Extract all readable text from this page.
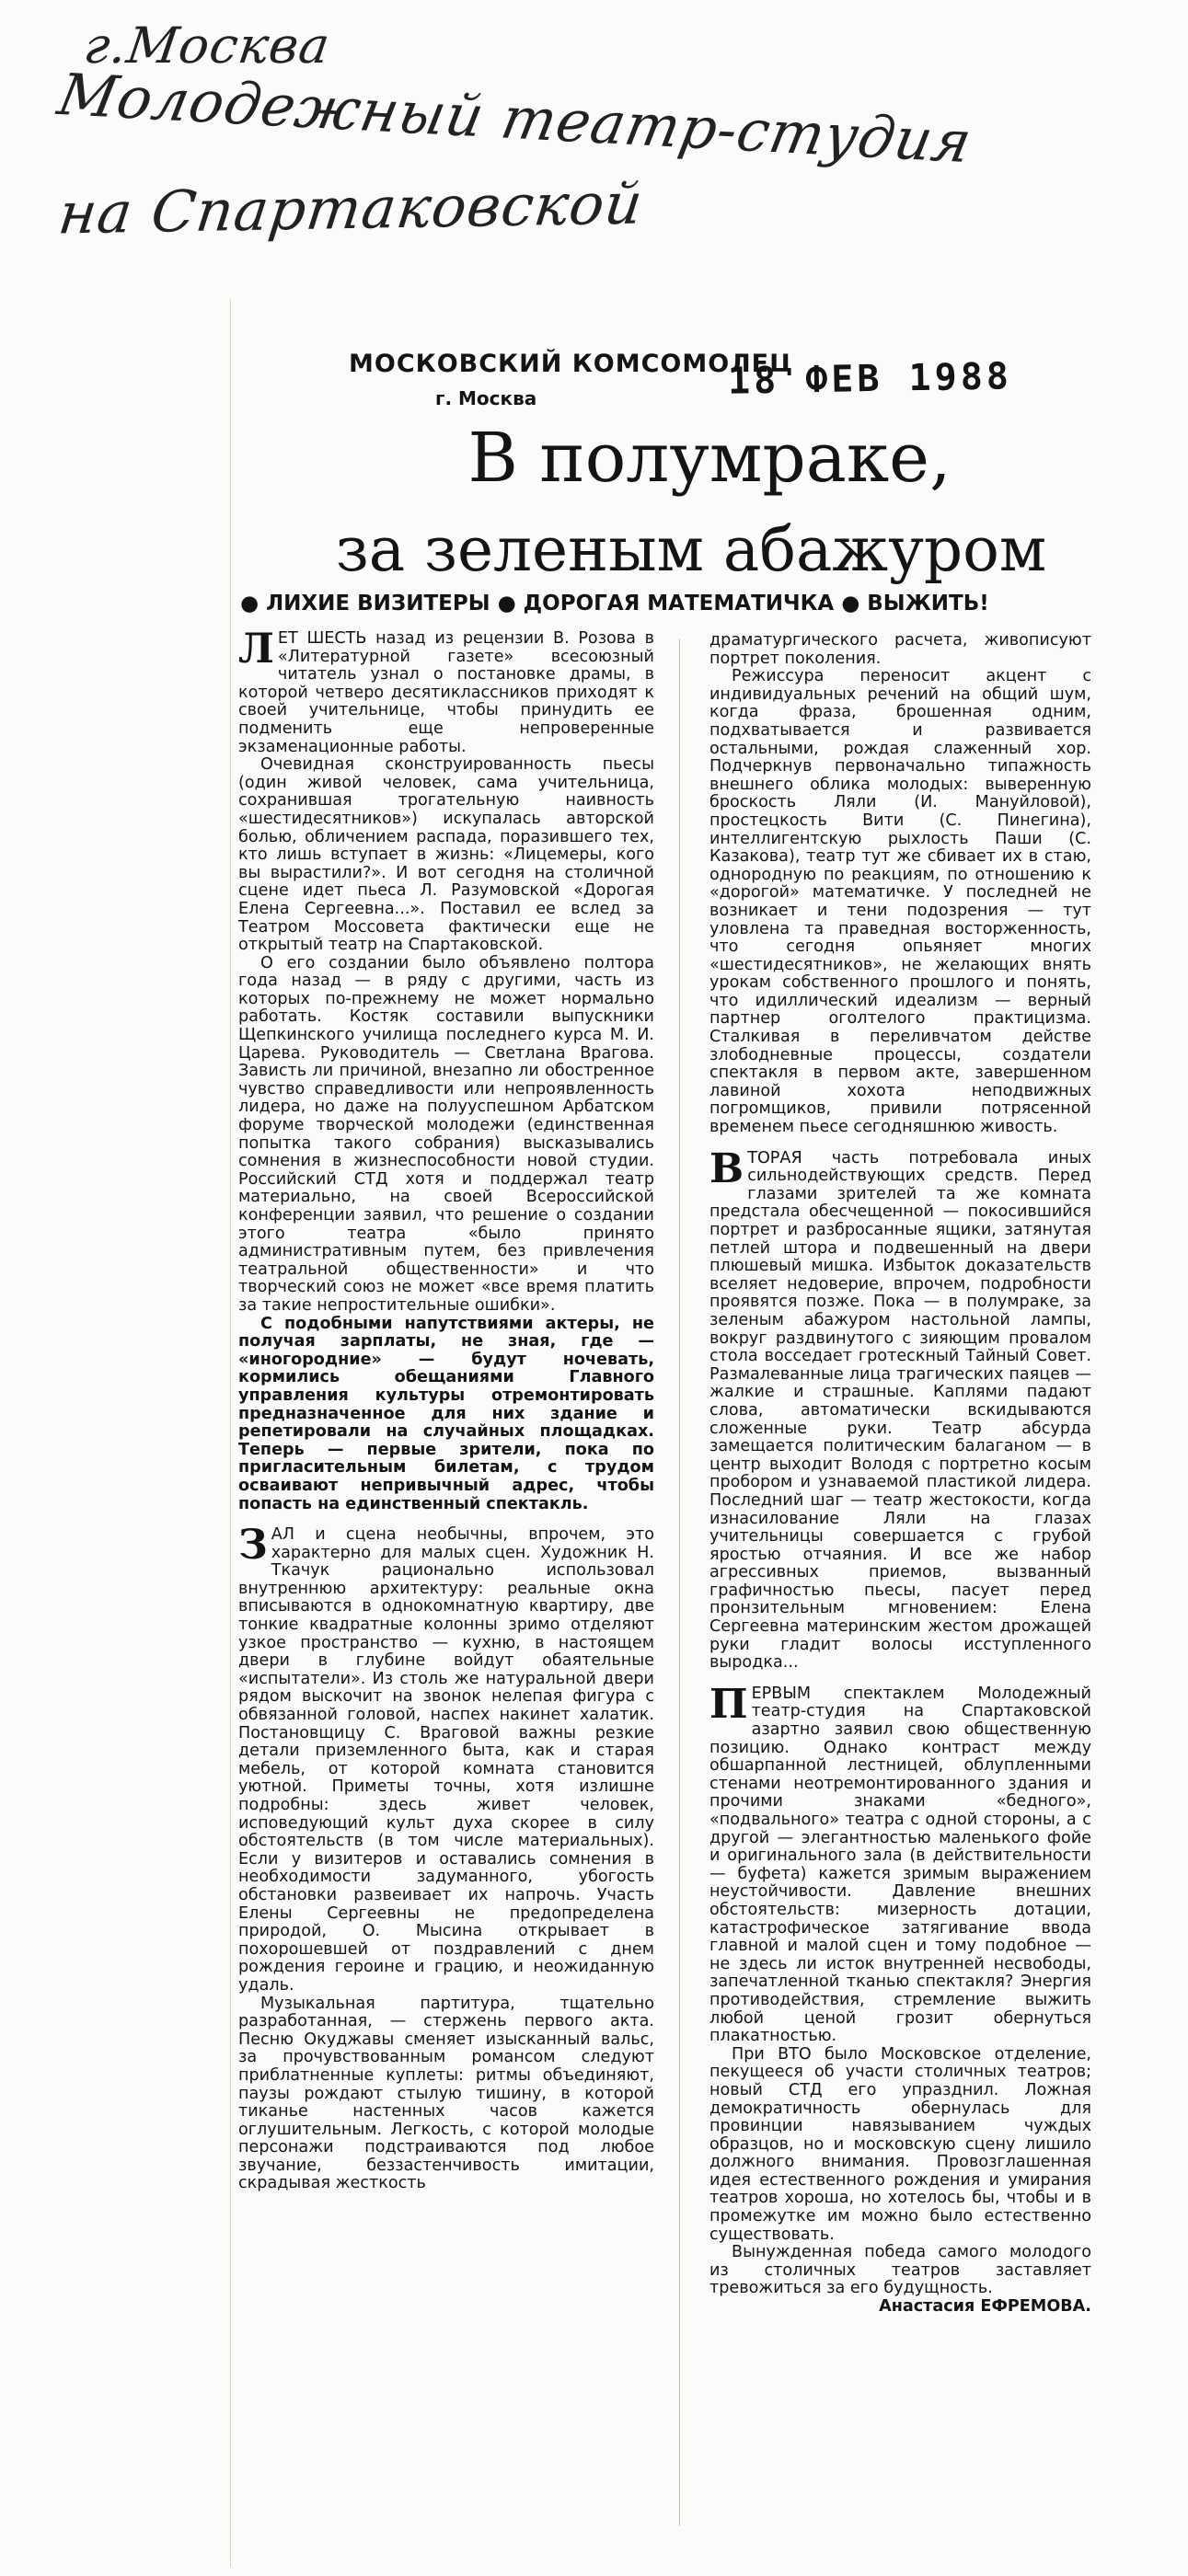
г.Москва
Молодежный театр-студия
на Спартаковской
МОСКОВСКИЙ КОМСОМОЛЕЦ
г. Москва	18 ФЕВ 1988
В полумраке,
за зеленым абажуром
● ЛИХИЕ ВИЗИТЕРЫ ● ДОРОГАЯ МАТЕМАТИЧКА ● ВЫЖИТЬ!

ЛЕТ ШЕСТЬ назад из рецензии В. Розова в «Литературной газете» всесоюзный читатель узнал о постановке драмы, в которой четверо десятиклассников приходят к своей учительнице, чтобы принудить ее подменить еще непроверенные экзаменационные работы.

Очевидная сконструированность пьесы (один живой человек, сама учительница, сохранившая трогательную наивность «шестидесятников») искупалась авторской болью, обличением распада, поразившего тех, кто лишь вступает в жизнь: «Лицемеры, кого вы вырастили?». И вот сегодня на столичной сцене идет пьеса Л. Разумовской «Дорогая Елена Сергеевна...». Поставил ее вслед за Театром Моссовета фактически еще не открытый театр на Спартаковской.

О его создании было объявлено полтора года назад — в ряду с другими, часть из которых по-прежнему не может нормально работать. Костяк составили выпускники Щепкинского училища последнего курса М. И. Царева. Руководитель — Светлана Врагова. Зависть ли причиной, внезапно ли обостренное чувство справедливости или непроявленность лидера, но даже на полууспешном Арбатском форуме творческой молодежи (единственная попытка такого собрания) высказывались сомнения в жизнеспособности новой студии. Российский СТД хотя и поддержал театр материально, на своей Всероссийской конференции заявил, что решение о создании этого театра «было принято административным путем, без привлечения театральной общественности» и что творческий союз не может «все время платить за такие непростительные ошибки».

С подобными напутствиями актеры, не получая зарплаты, не зная, где — «иногородние» — будут ночевать, кормились обещаниями Главного управления культуры отремонтировать предназначенное для них здание и репетировали на случайных площадках. Теперь — первые зрители, пока по пригласительным билетам, с трудом осваивают непривычный адрес, чтобы попасть на единственный спектакль.

ЗАЛ и сцена необычны, впрочем, это характерно для малых сцен. Художник Н. Ткачук рационально использовал внутреннюю архитектуру: реальные окна вписываются в однокомнатную квартиру, две тонкие квадратные колонны зримо отделяют узкое пространство — кухню, в настоящем двери в глубине войдут обаятельные «испытатели». Из столь же натуральной двери рядом выскочит на звонок нелепая фигура с обвязанной головой, наспех накинет халатик. Постановщицу С. Враговой важны резкие детали приземленного быта, как и старая мебель, от которой комната становится уютной. Приметы точны, хотя излишне подробны: здесь живет человек, исповедующий культ духа скорее в силу обстоятельств (в том числе материальных). Если у визитеров и оставались сомнения в необходимости задуманного, убогость обстановки развеивает их напрочь. Участь Елены Сергеевны не предопределена природой, О. Мысина открывает в похорошевшей от поздравлений с днем рождения героине и грацию, и неожиданную удаль.

Музыкальная партитура, тщательно разработанная, — стержень первого акта. Песню Окуджавы сменяет изысканный вальс, за прочувствованным романсом следуют приблатненные куплеты: ритмы объединяют, паузы рождают стылую тишину, в которой тиканье настенных часов кажется оглушительным. Легкость, с которой молодые персонажи подстраиваются под любое звучание, беззастенчивость имитации, скрадывая жесткость

драматургического расчета, живописуют портрет поколения.

Режиссура переносит акцент с индивидуальных речений на общий шум, когда фраза, брошенная одним, подхватывается и развивается остальными, рождая слаженный хор. Подчеркнув первоначально типажность внешнего облика молодых: выверенную броскость Ляли (И. Мануйловой), простецкость Вити (С. Пинегина), интеллигентскую рыхлость Паши (С. Казакова), театр тут же сбивает их в стаю, однородную по реакциям, по отношению к «дорогой» математичке. У последней не возникает и тени подозрения — тут уловлена та праведная восторженность, что сегодня опьяняет многих «шестидесятников», не желающих внять урокам собственного прошлого и понять, что идиллический идеализм — верный партнер оголтелого практицизма. Сталкивая в переливчатом действе злободневные процессы, создатели спектакля в первом акте, завершенном лавиной хохота неподвижных погромщиков, привили потрясенной временем пьесе сегодняшнюю живость.

ВТОРАЯ часть потребовала иных сильнодействующих средств. Перед глазами зрителей та же комната предстала обесчещенной — покосившийся портрет и разбросанные ящики, затянутая петлей штора и подвешенный на двери плюшевый мишка. Избыток доказательств вселяет недоверие, впрочем, подробности проявятся позже. Пока — в полумраке, за зеленым абажуром настольной лампы, вокруг раздвинутого с зияющим провалом стола восседает гротескный Тайный Совет. Размалеванные лица трагических паяцев — жалкие и страшные. Каплями падают слова, автоматически вскидываются сложенные руки. Театр абсурда замещается политическим балаганом — в центр выходит Володя с портретно косым пробором и узнаваемой пластикой лидера. Последний шаг — театр жестокости, когда изнасилование Ляли на глазах учительницы совершается с грубой яростью отчаяния. И все же набор агрессивных приемов, вызванный графичностью пьесы, пасует перед пронзительным мгновением: Елена Сергеевна материнским жестом дрожащей руки гладит волосы исступленного выродка...

ПЕРВЫМ спектаклем Молодежный театр-студия на Спартаковской азартно заявил свою общественную позицию. Однако контраст между обшарпанной лестницей, облупленными стенами неотремонтированного здания и прочими знаками «бедного», «подвального» театра с одной стороны, а с другой — элегантностью маленького фойе и оригинального зала (в действительности — буфета) кажется зримым выражением неустойчивости. Давление внешних обстоятельств: мизерность дотации, катастрофическое затягивание ввода главной и малой сцен и тому подобное — не здесь ли исток внутренней несвободы, запечатленной тканью спектакля? Энергия противодействия, стремление выжить любой ценой грозит обернуться плакатностью.

При ВТО было Московское отделение, пекущееся об участи столичных театров; новый СТД его упразднил. Ложная демократичность обернулась для провинции навязыванием чуждых образцов, но и московскую сцену лишило должного внимания. Провозглашенная идея естественного рождения и умирания театров хороша, но хотелось бы, чтобы и в промежутке им можно было естественно существовать.

Вынужденная победа самого молодого из столичных театров заставляет тревожиться за его будущность.

Анастасия ЕФРЕМОВА.
